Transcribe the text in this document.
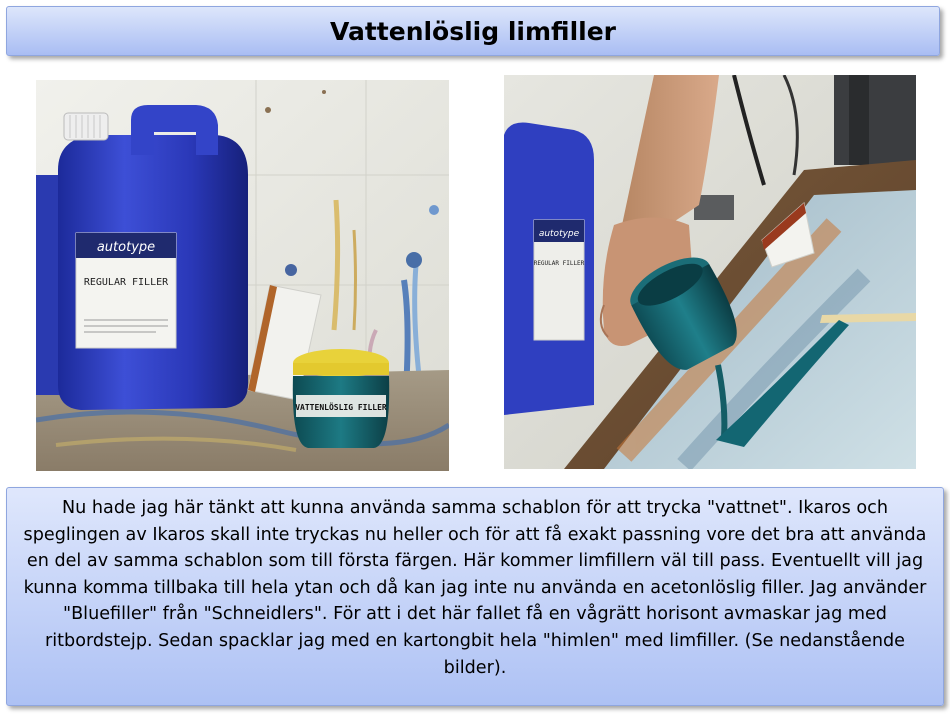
Vattenlöslig limfiller
autotype
REGULAR FILLER
VATTENLÖSLIG FILLER
autotype
REGULAR FILLER

Nu hade jag här tänkt att kunna använda samma schablon för att trycka "vattnet". Ikaros och speglingen av Ikaros skall inte tryckas nu heller och för att få exakt passning vore det bra att använda en del av samma schablon som till första färgen. Här kommer limfillern väl till pass. Eventuellt vill jag kunna komma tillbaka till hela ytan och då kan jag inte nu använda en acetonlöslig filler. Jag använder "Bluefiller" från "Schneidlers". För att i det här fallet få en vågrätt horisont avmaskar jag med ritbordstejp. Sedan spacklar jag med en kartongbit hela "himlen" med limfiller. (Se nedanstående bilder).
